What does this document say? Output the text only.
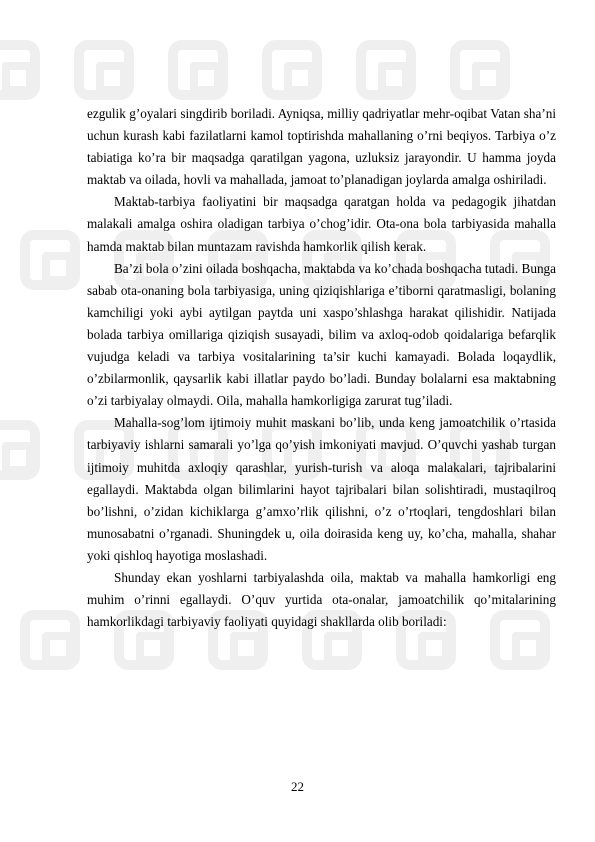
ezgulik g’oyalari singdirib boriladi. Ayniqsa, milliy qadriyatlar mehr-oqibat Vatan sha’ni uchun kurash kabi fazilatlarni kamol toptirishda mahallaning o’rni beqiyos. Tarbiya o’z tabiatiga ko’ra bir maqsadga qaratilgan yagona, uzluksiz jarayondir. U hamma joyda maktab va oilada, hovli va mahallada, jamoat to’planadigan joylarda amalga oshiriladi.

Maktab-tarbiya faoliyatini bir maqsadga qaratgan holda va pedagogik jihatdan malakali amalga oshira oladigan tarbiya o’chog’idir. Ota-ona bola tarbiyasida mahalla hamda maktab bilan muntazam ravishda hamkorlik qilish kerak.

Ba’zi bola o’zini oilada boshqacha, maktabda va ko’chada boshqacha tutadi. Bunga sabab ota-onaning bola tarbiyasiga, uning qiziqishlariga e’tiborni qaratmasligi, bolaning kamchiligi yoki aybi aytilgan paytda uni xaspo’shlashga harakat qilishidir. Natijada bolada tarbiya omillariga qiziqish susayadi, bilim va axloq-odob qoidalariga befarqlik vujudga keladi va tarbiya vositalarining ta’sir kuchi kamayadi. Bolada loqaydlik, o’zbilarmonlik, qaysarlik kabi illatlar paydo bo’ladi. Bunday bolalarni esa maktabning o’zi tarbiyalay olmaydi. Oila, mahalla hamkorligiga zarurat tug’iladi.

Mahalla-sog’lom ijtimoiy muhit maskani bo’lib, unda keng jamoatchilik o’rtasida tarbiyaviy ishlarni samarali yo’lga qo’yish imkoniyati mavjud. O’quvchi yashab turgan ijtimoiy muhitda axloqiy qarashlar, yurish-turish va aloqa malakalari, tajribalarini egallaydi. Maktabda olgan bilimlarini hayot tajribalari bilan solishtiradi, mustaqilroq bo’lishni, o’zidan kichiklarga g’amxo’rlik qilishni, o’z o’rtoqlari, tengdoshlari bilan munosabatni o’rganadi. Shuningdek u, oila doirasida keng uy, ko’cha, mahalla, shahar yoki qishloq hayotiga moslashadi.

Shunday ekan yoshlarni tarbiyalashda oila, maktab va mahalla hamkorligi eng muhim o’rinni egallaydi. O’quv yurtida ota-onalar, jamoatchilik qo’mitalarining hamkorlikdagi tarbiyaviy faoliyati quyidagi shakllarda olib boriladi:

22
